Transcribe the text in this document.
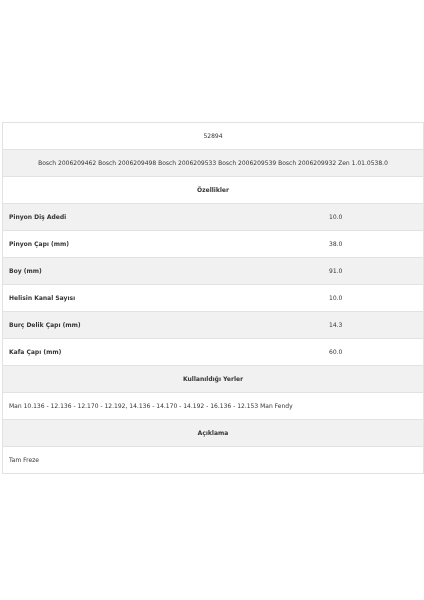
52894
Bosch 2006209462 Bosch 2006209498 Bosch 2006209533 Bosch 2006209539 Bosch 2006209932 Zen 1.01.0538.0
Özellikler
Pinyon Diş Adedi	10.0
Pinyon Çapı (mm)	38.0
Boy (mm)	91.0
Helisin Kanal Sayısı	10.0
Burç Delik Çapı (mm)	14.3
Kafa Çapı (mm)	60.0
Kullanıldığı Yerler
Man 10.136 - 12.136 - 12.170 - 12.192, 14.136 - 14.170 - 14.192 - 16.136 - 12.153 Man Fendy
Açıklama
Tam Freze
